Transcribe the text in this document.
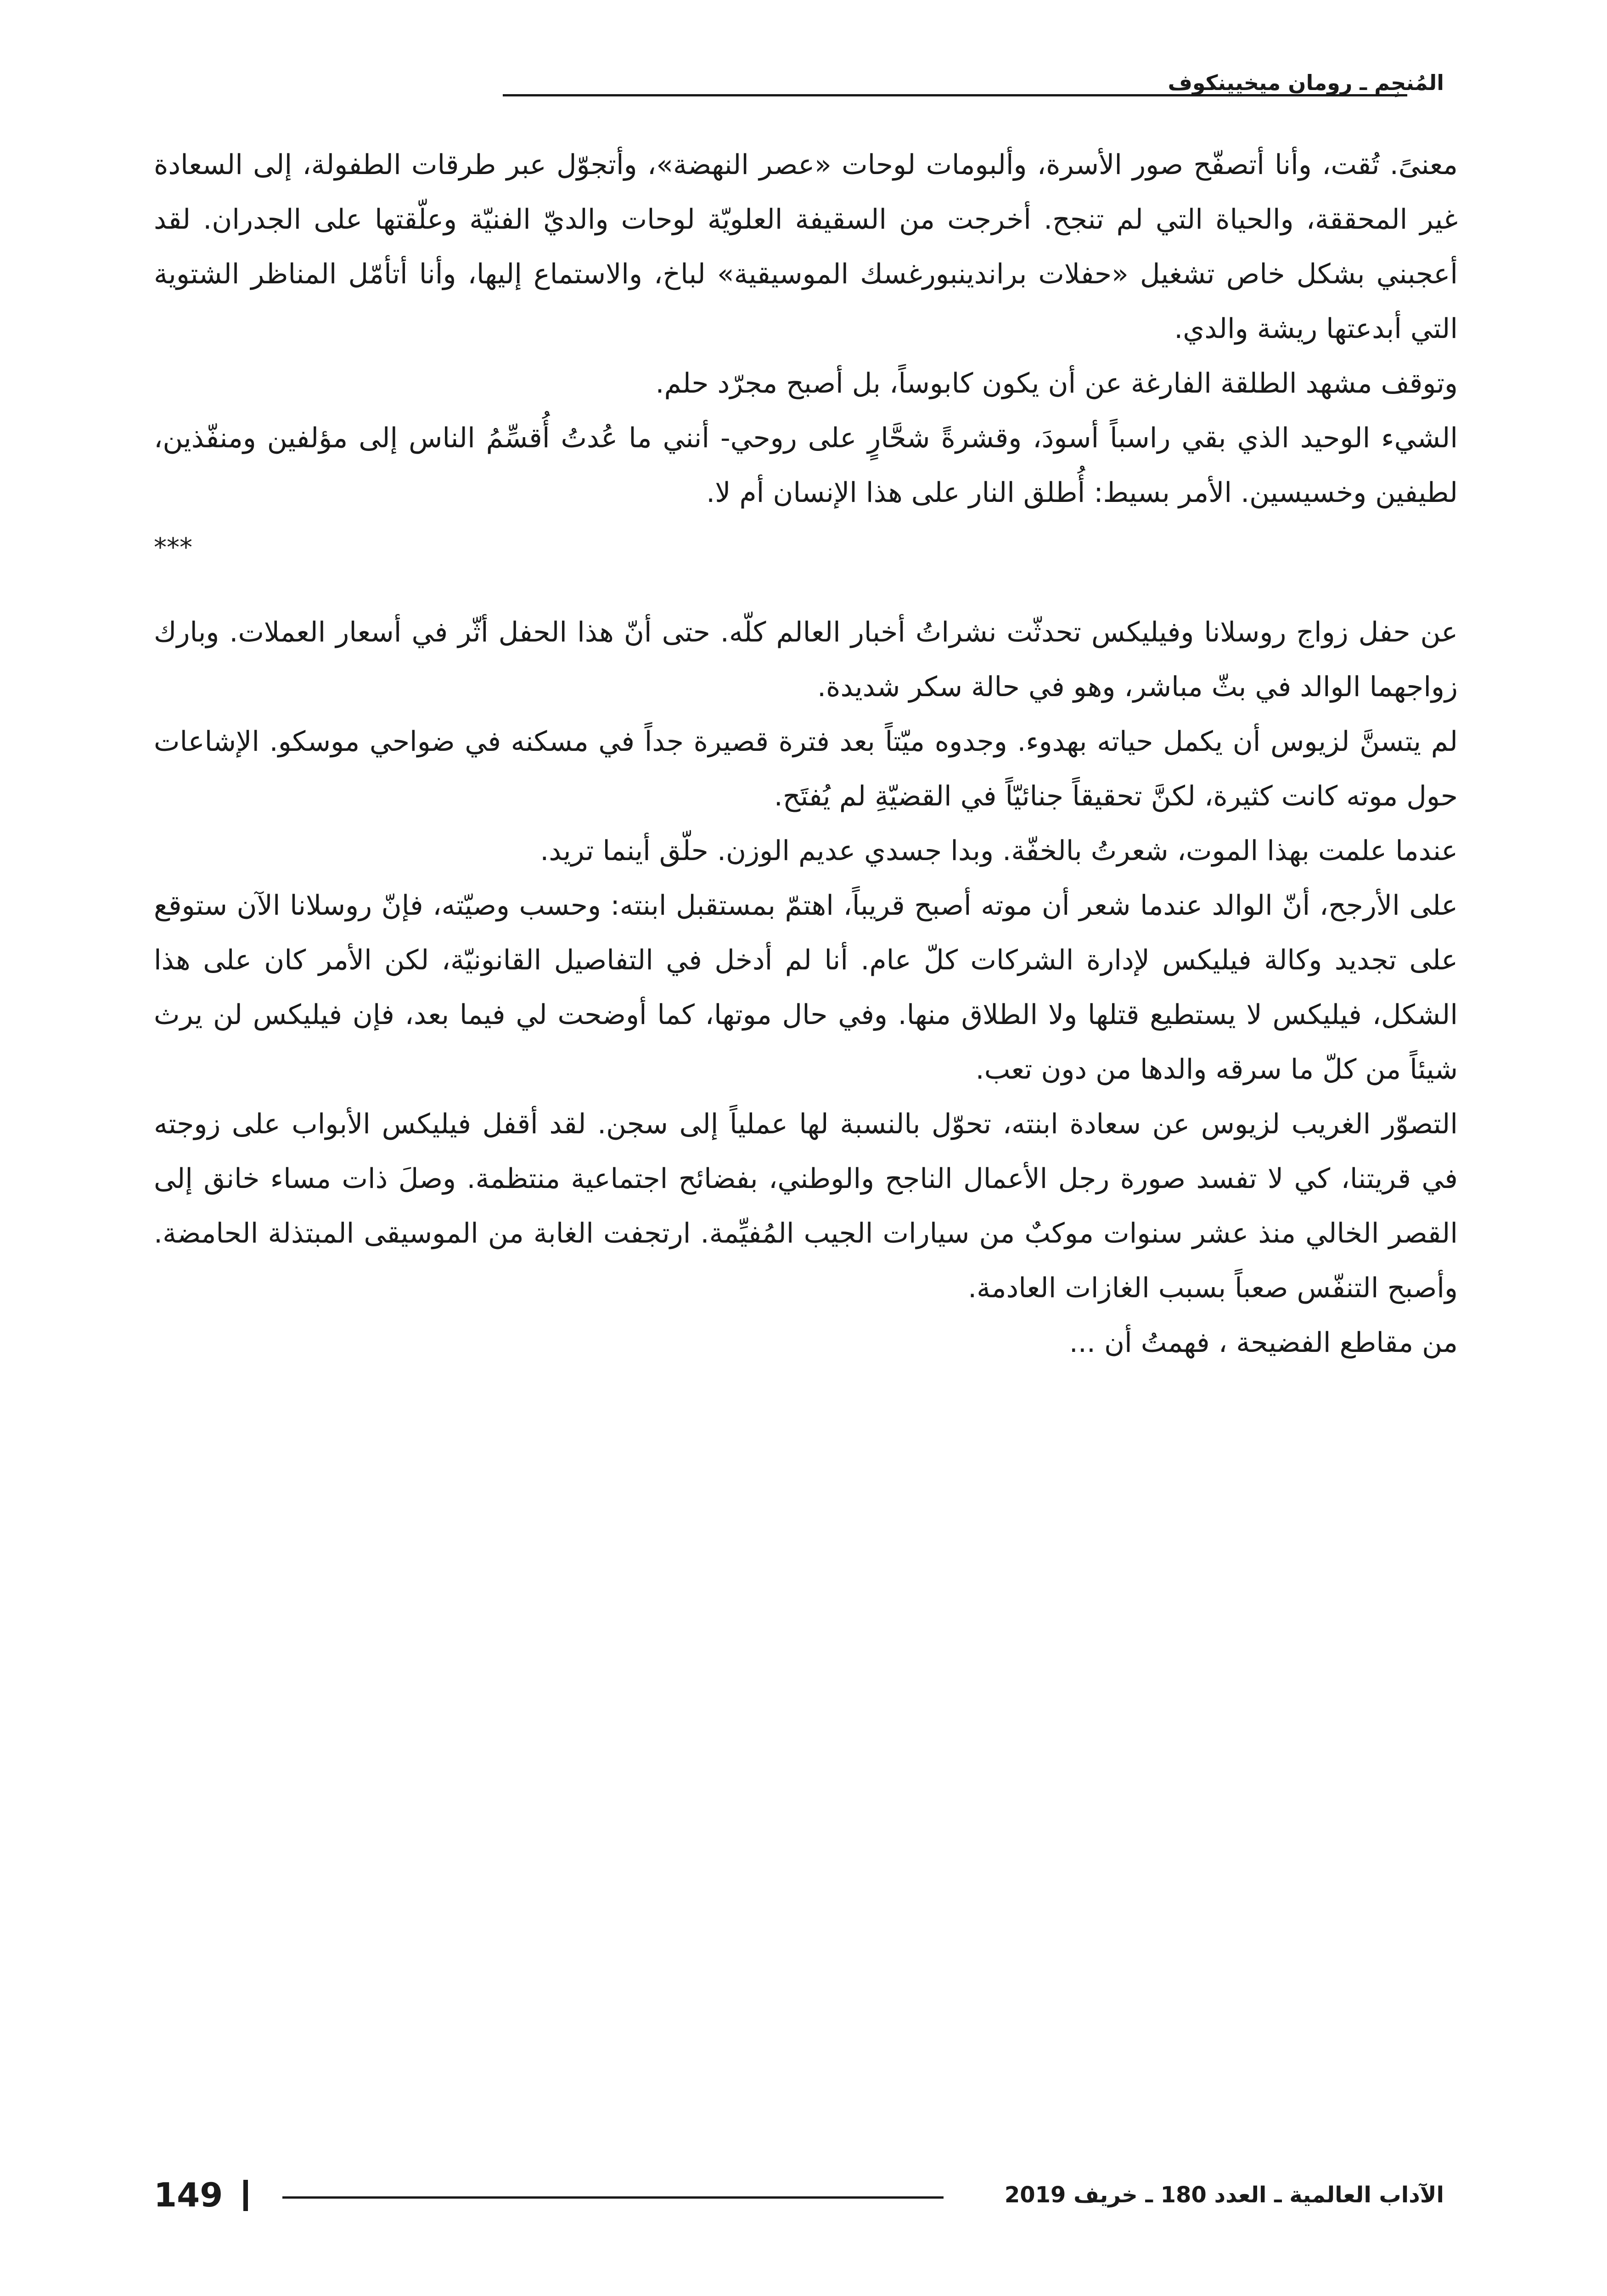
المُنجِم ـ رومان ميخيينكوف

معنىً. تُقت، وأنا أتصفّح صور الأسرة، وألبومات لوحات «عصر النهضة»، وأتجوّل عبر طرقات الطفولة، إلى السعادة غير المحققة، والحياة التي لم تنجح. أخرجت من السقيفة العلويّة لوحات والديّ الفنيّة وعلّقتها على الجدران. لقد أعجبني بشكل خاص تشغيل «حفلات براندينبورغسك الموسيقية» لباخ، والاستماع إليها، وأنا أتأمّل المناظر الشتوية التي أبدعتها ريشة والدي.

وتوقف مشهد الطلقة الفارغة عن أن يكون كابوساً، بل أصبح مجرّد حلم.

الشيء الوحيد الذي بقي راسباً أسودَ، وقشرةً شحَّارٍ على روحي- أنني ما عُدتُ أُقسِّمُ الناس إلى مؤلفين ومنفّذين، لطيفين وخسيسين. الأمر بسيط: أُطلق النار على هذا الإنسان أم لا.

***

عن حفل زواج روسلانا وفيليكس تحدثّت نشراتُ أخبار العالم كلّه. حتى أنّ هذا الحفل أثّر في أسعار العملات. وبارك زواجهما الوالد في بثّ مباشر، وهو في حالة سكر شديدة.

لم يتسنَّ لزيوس أن يكمل حياته بهدوء. وجدوه ميّتاً بعد فترة قصيرة جداً في مسكنه في ضواحي موسكو. الإشاعات حول موته كانت كثيرة، لكنَّ تحقيقاً جنائيّاً في القضيّةِ لم يُفتَح.

عندما علمت بهذا الموت، شعرتُ بالخفّة. وبدا جسدي عديم الوزن. حلّق أينما تريد.

على الأرجح، أنّ الوالد عندما شعر أن موته أصبح قريباً، اهتمّ بمستقبل ابنته: وحسب وصيّته، فإنّ روسلانا الآن ستوقع على تجديد وكالة فيليكس لإدارة الشركات كلّ عام. أنا لم أدخل في التفاصيل القانونيّة، لكن الأمر كان على هذا الشكل، فيليكس لا يستطيع قتلها ولا الطلاق منها. وفي حال موتها، كما أوضحت لي فيما بعد، فإن فيليكس لن يرث شيئاً من كلّ ما سرقه والدها من دون تعب.

التصوّر الغريب لزيوس عن سعادة ابنته، تحوّل بالنسبة لها عملياً إلى سجن. لقد أقفل فيليكس الأبواب على زوجته في قريتنا، كي لا تفسد صورة رجل الأعمال الناجح والوطني، بفضائح اجتماعية منتظمة. وصلَ ذات مساء خانق إلى القصر الخالي منذ عشر سنوات موكبٌ من سيارات الجيب المُفيِّمة. ارتجفت الغابة من الموسيقى المبتذلة الحامضة. وأصبح التنفّس صعباً بسبب الغازات العادمة.

من مقاطع الفضيحة ، فهمتُ أن ...

149	الآداب العالمية ـ العدد 180 ـ خريف 2019
